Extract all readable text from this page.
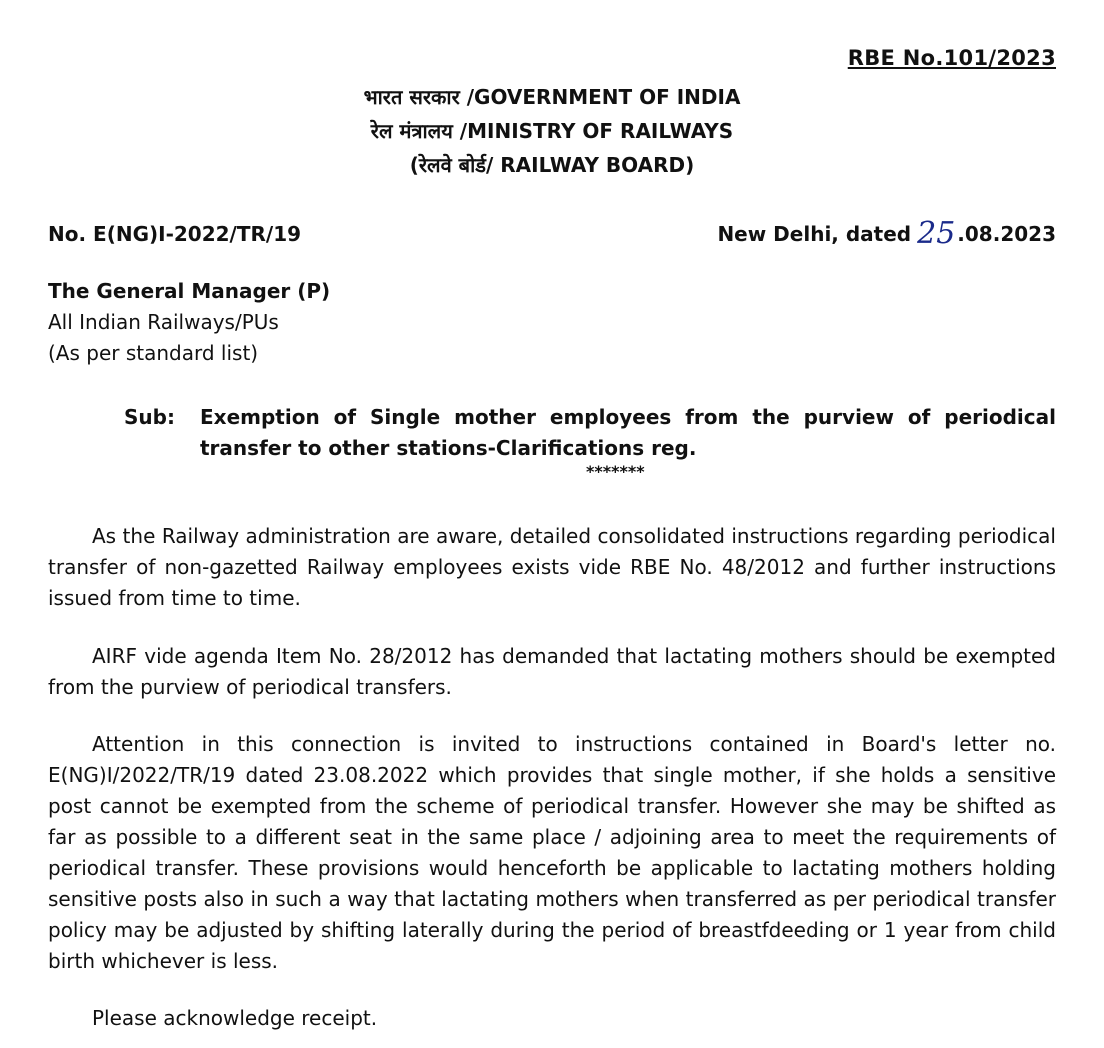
RBE No.101/2023
भारत सरकार /GOVERNMENT OF INDIA
रेल मंत्रालय /MINISTRY OF RAILWAYS
(रेलवे बोर्ड/ RAILWAY BOARD)
No. E(NG)I-2022/TR/19	New Delhi, dated 25 .08.2023
The General Manager (P)
All Indian Railways/PUs
(As per standard list)
Sub:	Exemption of Single mother employees from the purview of periodical transfer to other stations-Clarifications reg.
*******

As the Railway administration are aware, detailed consolidated instructions regarding periodical transfer of non-gazetted Railway employees exists vide RBE No. 48/2012 and further instructions issued from time to time.

AIRF vide agenda Item No. 28/2012 has demanded that lactating mothers should be exempted from the purview of periodical transfers.

Attention in this connection is invited to instructions contained in Board's letter no. E(NG)I/2022/TR/19 dated 23.08.2022 which provides that single mother, if she holds a sensitive post cannot be exempted from the scheme of periodical transfer. However she may be shifted as far as possible to a different seat in the same place / adjoining area to meet the requirements of periodical transfer. These provisions would henceforth be applicable to lactating mothers holding sensitive posts also in such a way that lactating mothers when transferred as per periodical transfer policy may be adjusted by shifting laterally during the period of breastfdeeding or 1 year from child birth whichever is less.

Please acknowledge receipt.
